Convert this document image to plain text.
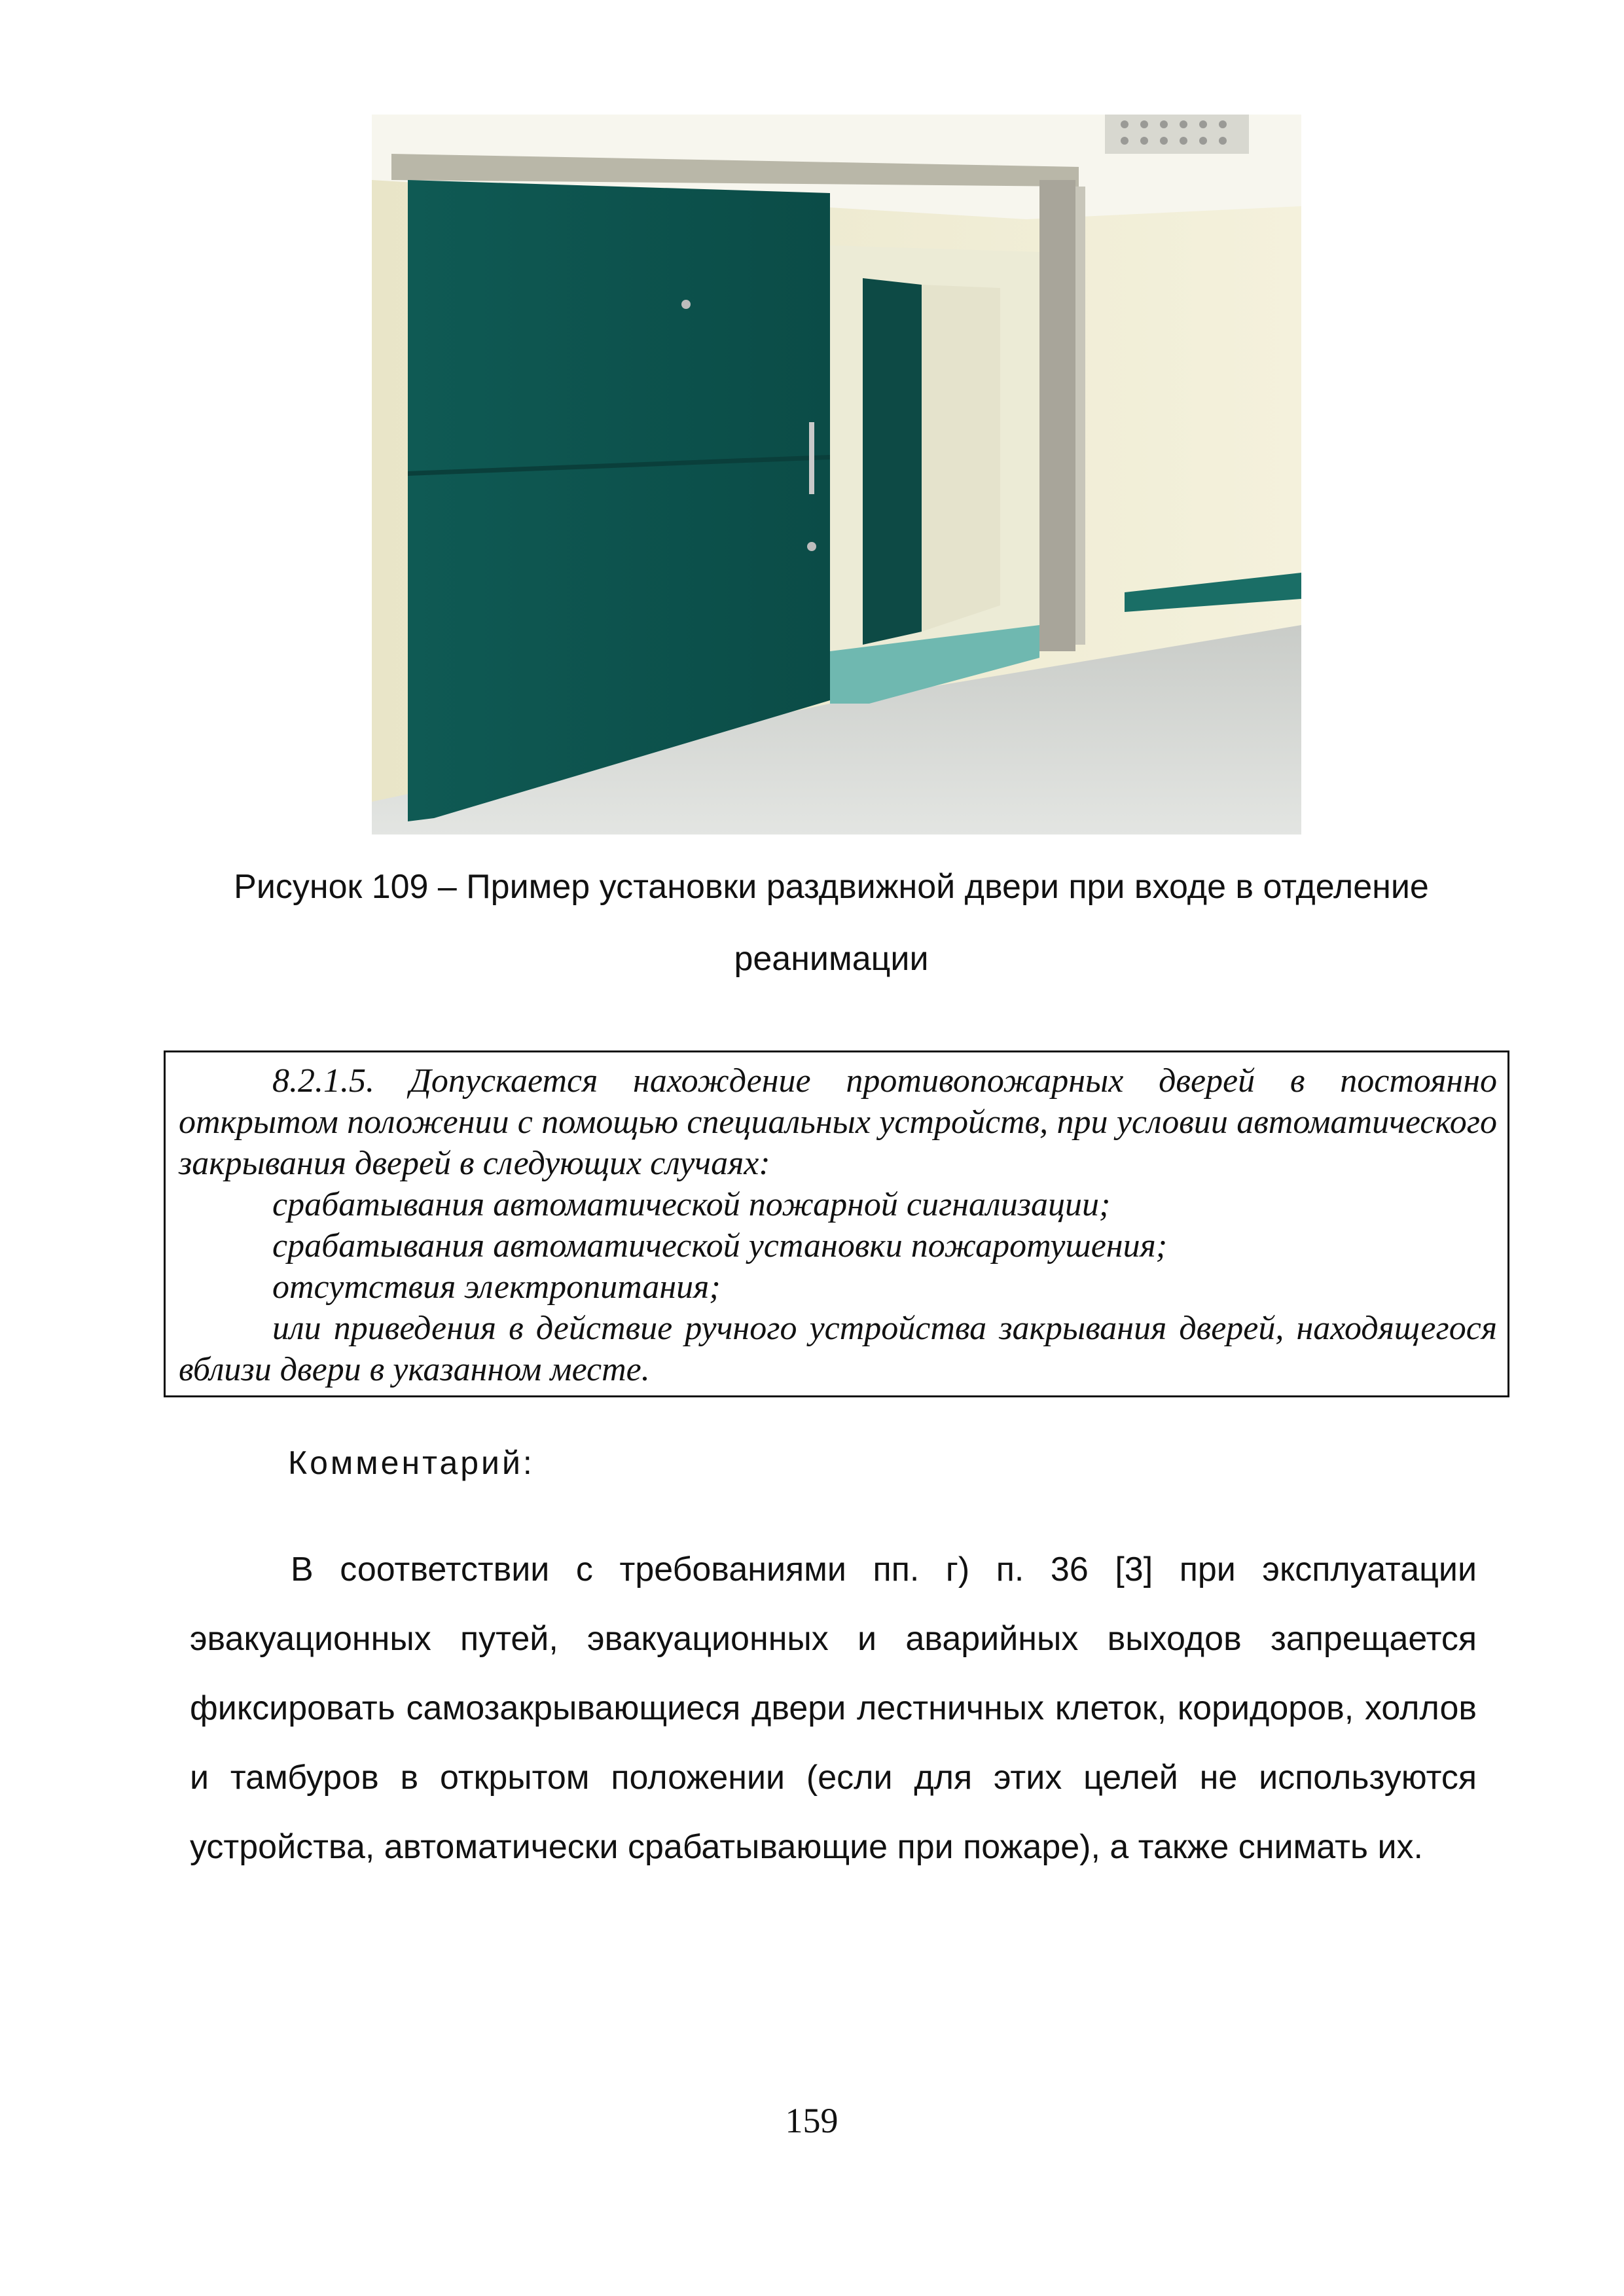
Рисунок 109 – Пример установки раздвижной двери при входе в отделение
реанимации

8.2.1.5. Допускается нахождение противопожарных дверей в постоянно открытом положении с помощью специальных устройств, при условии автоматического закрывания дверей в следующих случаях:

срабатывания автоматической пожарной сигнализации;

срабатывания автоматической установки пожаротушения;

отсутствия электропитания;

или приведения в действие ручного устройства закрывания дверей, находящегося вблизи двери в указанном месте.

Комментарий:

В соответствии с требованиями пп. г) п. 36 [3] при эксплуатации эвакуационных путей, эвакуационных и аварийных выходов запрещается фиксировать самозакрывающиеся двери лестничных клеток, коридоров, холлов и тамбуров в открытом положении (если для этих целей не используются устройства, автоматически срабатывающие при пожаре), а также снимать их.

159
